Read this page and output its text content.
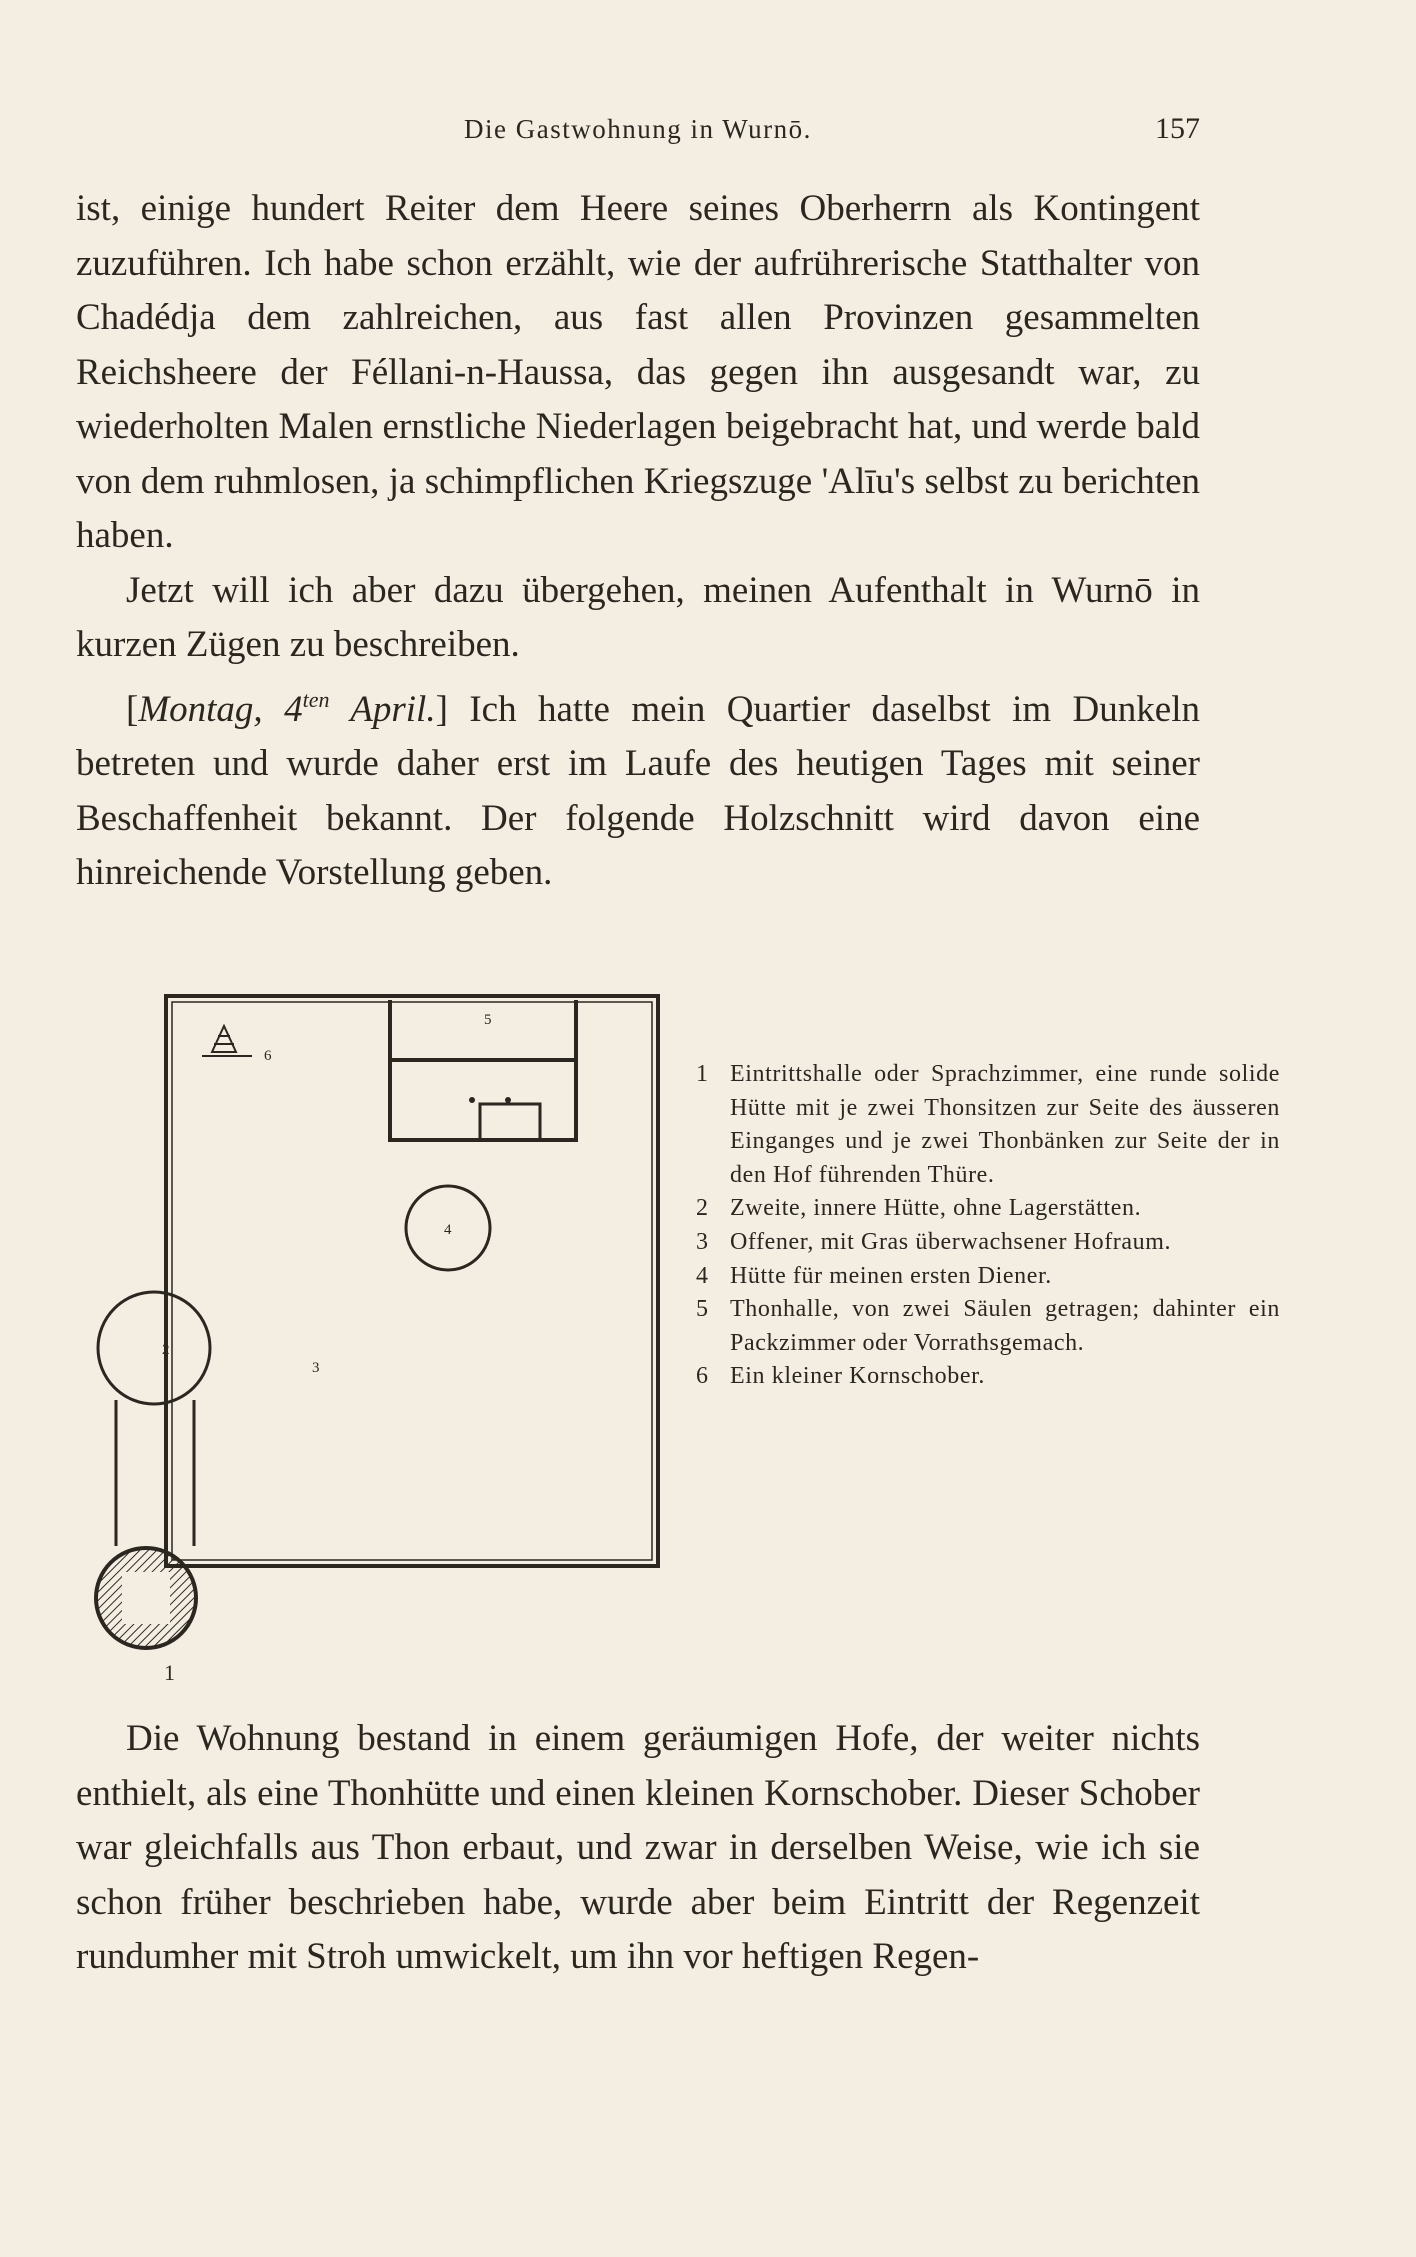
Die Gastwohnung in Wurnō.	157

ist, einige hundert Reiter dem Heere seines Oberherrn als Kontingent zuzuführen. Ich habe schon erzählt, wie der aufrührerische Statthalter von Chadédja dem zahlreichen, aus fast allen Provinzen gesammelten Reichsheere der Féllani-n-Haussa, das gegen ihn ausgesandt war, zu wiederholten Malen ernstliche Niederlagen beigebracht hat, und werde bald von dem ruhmlosen, ja schimpflichen Kriegszuge 'Alīu's selbst zu berichten haben.

Jetzt will ich aber dazu übergehen, meinen Aufenthalt in Wurnō in kurzen Zügen zu beschreiben.

[Montag, $4^{ten}$ April.] Ich hatte mein Quartier daselbst im Dunkeln betreten und wurde daher erst im Laufe des heutigen Tages mit seiner Beschaffenheit bekannt. Der folgende Holzschnitt wird davon eine hinreichende Vorstellung geben.

6
5
4
2
3
1
1 Eintrittshalle oder Sprachzimmer, eine runde solide Hütte mit je zwei Thonsitzen zur Seite des äusseren Einganges und je zwei Thonbänken zur Seite der in den Hof führenden Thüre.
2 Zweite, innere Hütte, ohne Lagerstätten.
3 Offener, mit Gras überwachsener Hofraum.
4 Hütte für meinen ersten Diener.
5 Thonhalle, von zwei Säulen getragen; dahinter ein Packzimmer oder Vorrathsgemach.
6 Ein kleiner Kornschober.

Die Wohnung bestand in einem geräumigen Hofe, der weiter nichts enthielt, als eine Thonhütte und einen kleinen Kornschober. Dieser Schober war gleichfalls aus Thon erbaut, und zwar in derselben Weise, wie ich sie schon früher beschrieben habe, wurde aber beim Eintritt der Regenzeit rundumher mit Stroh umwickelt, um ihn vor heftigen Regen-
